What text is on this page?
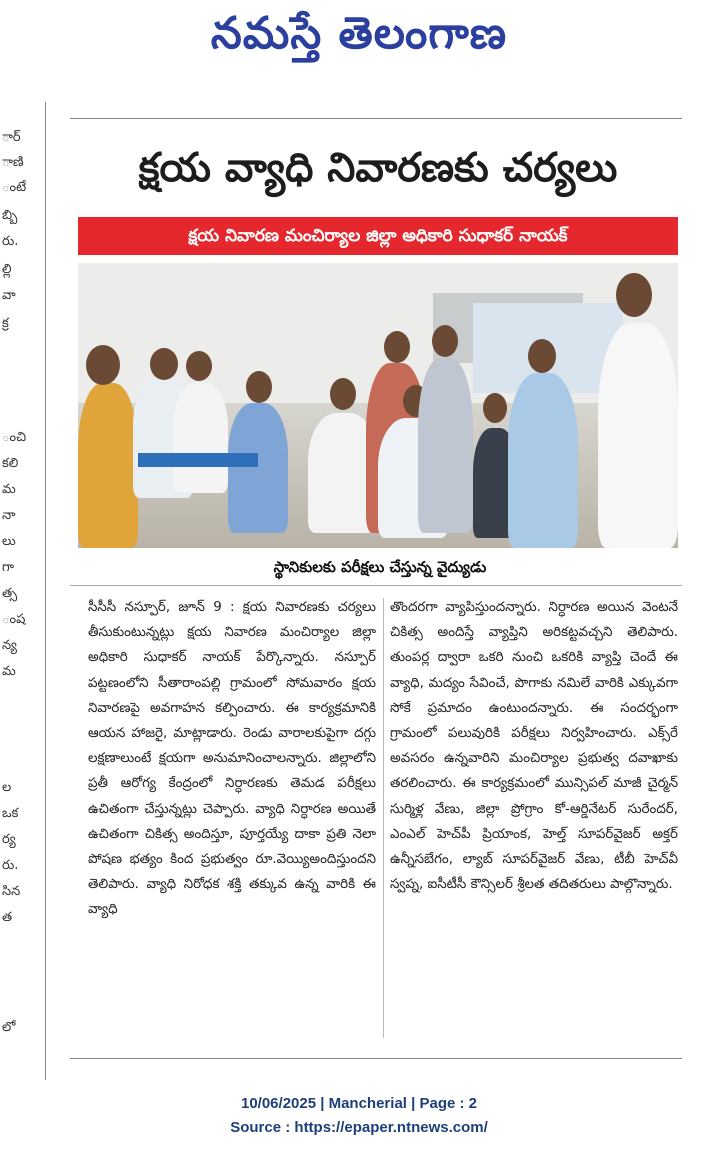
నమస్తే తెలంగాణ
ార్
ాణి
ంటే
బ్బి
రు.
ల్లి
వా
క్ర
ంచి
కలి
మ
నా
లు
గా
త్స
ంష
న్య
మ
ల
ఒక
ర్య
రు.
సిన
త
లో
క్షయ వ్యాధి నివారణకు చర్యలు
క్షయ నివారణ మంచిర్యాల జిల్లా అధికారి సుధాకర్ నాయక్
స్థానికులకు పరీక్షలు చేస్తున్న వైద్యుడు

సీసీసీ నస్పూర్, జూన్ 9 : క్షయ నివారణకు చర్యలు తీసుకుంటున్నట్లు క్షయ నివారణ మంచిర్యాల జిల్లా అధికారి సుధాకర్ నాయక్ పేర్కొన్నారు. నస్పూర్ పట్టణంలోని సీతారాంపల్లి గ్రామంలో సోమవారం క్షయ నివారణపై అవగాహన కల్పించారు. ఈ కార్యక్రమానికి ఆయన హాజరై, మాట్లాడారు. రెండు వారాలకుపైగా దగ్గు లక్షణాలుంటే క్షయగా అనుమానించాలన్నారు. జిల్లాలోని ప్రతీ ఆరోగ్య కేంద్రంలో నిర్ధారణకు తెమడ పరీక్షలు ఉచితంగా చేస్తున్నట్లు చెప్పారు. వ్యాధి నిర్ధారణ అయితే ఉచితంగా చికిత్స అందిస్తూ, పూర్తయ్యే దాకా ప్రతి నెలా పోషణ భత్యం కింద ప్రభుత్వం రూ.వెయ్యిఅందిస్తుందని తెలిపారు. వ్యాధి నిరోధక శక్తి తక్కువ ఉన్న వారికి ఈ వ్యాధి

తొందరగా వ్యాపిస్తుందన్నారు. నిర్ధారణ అయిన వెంటనే చికిత్స అందిస్తే వ్యాప్తిని అరికట్టవచ్చని తెలిపారు. తుంపర్ల ద్వారా ఒకరి నుంచి ఒకరికి వ్యాప్తి చెందే ఈ వ్యాధి, మద్యం సేవించే, పొగాకు నమిలే వారికి ఎక్కువగా సోకే ప్రమాదం ఉంటుందన్నారు. ఈ సందర్భంగా గ్రామంలో పలువురికి పరీక్షలు నిర్వహించారు. ఎక్స్‌రే అవసరం ఉన్నవారిని మంచిర్యాల ప్రభుత్వ దవాఖాకు తరలించారు. ఈ కార్యక్రమంలో మున్సిపల్ మాజీ చైర్మన్ సుర్మిళ్ల వేణు, జిల్లా ప్రోగ్రాం కో-ఆర్డినేటర్ సురేందర్, ఎంఎల్ హెచ్‌పీ ప్రియాంక, హెల్త్ సూపర్‌వైజర్ అక్తర్ ఉన్నీసబేగం, ల్యాబ్ సూపర్‌వైజర్ వేణు, టీబీ హెచ్‌వీ స్వప్న, ఐసీటీసీ కౌన్సిలర్ శ్రీలత తదితరులు పాల్గొన్నారు.

10/06/2025 | Mancherial | Page : 2
Source : https://epaper.ntnews.com/
